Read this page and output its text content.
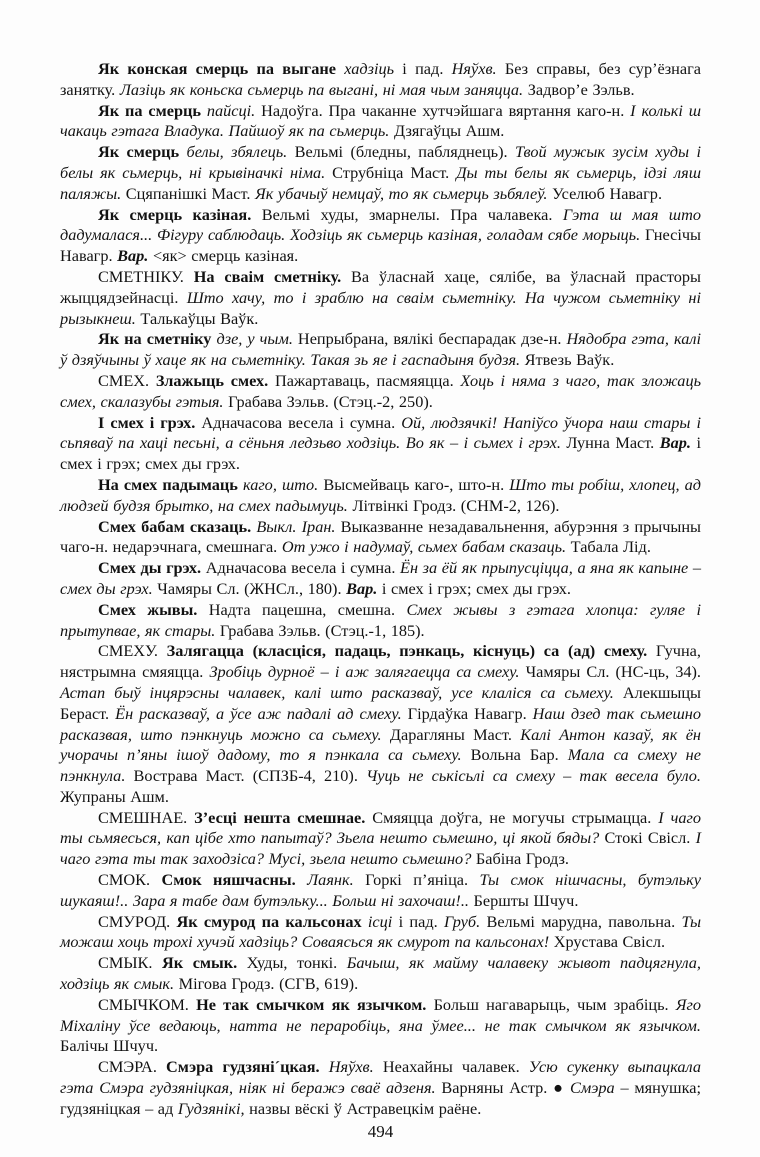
Як конская смерць па выгане хадзіць і пад. Няўхв. Без справы, без сур’ёзнага занятку. Лазіць як коньска сьмерць па выгані, ні мая чым заняцца. Задвор’е Зэльв.

Як па смерць пайсці. Надоўга. Пра чаканне хутчэйшага вяртання каго-н. І колькі ш чакаць гэтага Владука. Пайшоў як па сьмерць. Дзягаўцы Ашм.

Як смерць белы, збялець. Вельмі (бледны, пабляднець). Твой мужык зусім худы і белы як сьмерць, ні крывіначкі німа. Струбніца Маст. Ды ты белы як сьмерць, ідзі ляш паляжы. Сцяпанішкі Маст. Як убачыў немцаў, то як сьмерць зьбялеў. Уселюб Навагр.

Як смерць казіная. Вельмі худы, змарнелы. Пра чалавека. Гэта ш мая што дадумалася... Фігуру саблюдаць. Ходзіць як сьмерць казіная, голадам сябе морыць. Гнесічы Навагр. Вар. <як> смерць казіная.

СМЕТНІКУ. На сваім сметніку. Ва ўласнай хаце, сялібе, ва ўласнай прасторы жыццядзейнасці. Што хачу, то і зраблю на сваім сьметніку. На чужом сьметніку ні рызыкнеш. Талькаўцы Ваўк.

Як на сметніку дзе, у чым. Непрыбрана, вялікі беспарадак дзе-н. Нядобра гэта, калі ў дзяўчыны ў хаце як на сьметніку. Такая зь яе і гаспадыня будзя. Ятвезь Ваўк.

СМЕХ. Злажыць смех. Пажартаваць, пасмяяцца. Хоць і няма з чаго, так зложаць смех, скалазубы гэтыя. Грабава Зэльв. (Стэц.-2, 250).

І смех і грэх. Адначасова весела і сумна. Ой, людзячкі! Напіўсо ўчора наш стары і сьпяваў па хаці песьні, а сёньня ледзьво ходзіць. Во як – і сьмех і грэх. Лунна Маст. Вар. і смех і грэх; смех ды грэх.

На смех падымаць каго, што. Высмейваць каго-, што-н. Што ты робіш, хлопец, ад людзей будзя брытко, на смех падымуць. Літвінкі Гродз. (СНМ-2, 126).

Смех бабам сказаць. Выкл. Іран. Выказванне незадавальнення, абурэння з прычыны чаго-н. недарэчнага, смешнага. От ужо і надумаў, сьмех бабам сказаць. Табала Лід.

Смех ды грэх. Адначасова весела і сумна. Ён за ёй як прыпусціцца, а яна як капыне – смех ды грэх. Чамяры Сл. (ЖНСл., 180). Вар. і смех і грэх; смех ды грэх.

Смех жывы. Надта пацешна, смешна. Смех жывы з гэтага хлопца: гуляе і прытупвае, як стары. Грабава Зэльв. (Стэц.-1, 185).

СМЕХУ. Залягацца (класціся, падаць, пэнкаць, кіснуць) са (ад) смеху. Гучна, нястрымна смяяцца. Зробіць дурноё – і аж залягаецца са смеху. Чамяры Сл. (НС-ць, 34). Астап быў інцярэсны чалавек, калі што расказваў, усе клаліся са сьмеху. Алекшыцы Бераст. Ён расказваў, а ўсе аж падалі ад смеху. Гірдаўка Навагр. Наш дзед так сьмешно расказвая, што пэнкнуць можно са сьмеху. Дарагляны Маст. Калі Антон казаў, як ён учорачы п’яны ішоў дадому, то я пэнкала са сьмеху. Вольна Бар. Мала са смеху не пэнкнула. Вострава Маст. (СПЗБ-4, 210). Чуць не ськісьлі са смеху – так весела було. Жупраны Ашм.

СМЕШНАЕ. З’есці нешта смешнае. Смяяцца доўга, не могучы стрымацца. І чаго ты сьмяесься, кап цібе хто папытаў? Зьела нешто сьмешно, ці якой бяды? Стокі Свісл. І чаго гэта ты так заходзіса? Мусі, зьела нешто сьмешно? Бабіна Гродз.

СМОК. Смок няшчасны. Лаянк. Горкі п’яніца. Ты смок нішчасны, бутэльку шукаяш!.. Зара я табе дам бутэльку... Больш ні захочаш!.. Бершты Шчуч.

СМУРОД. Як смурод па кальсонах ісці і пад. Груб. Вельмі марудна, павольна. Ты можаш хоць трохі хучэй хадзіць? Соваясься як смурот па кальсонах! Хрустава Свісл.

СМЫК. Як смык. Худы, тонкі. Бачыш, як майму чалавеку жывот падцягнула, ходзіць як смык. Мігова Гродз. (СГВ, 619).

СМЫЧКОМ. Не так смычком як язычком. Больш нагаварыць, чым зрабіць. Яго Міхаліну ўсе ведаюць, натта не пераробіць, яна ўмее... не так смычком як язычком. Балічы Шчуч.

СМЭРА. Смэра гудзяні´цкая. Няўхв. Неахайны чалавек. Усю сукенку выпацкала гэта Смэра гудзяніцкая, ніяк ні беражэ сваё адзеня. Варняны Астр. ● Смэра – мянушка; гудзяніцкая – ад Гудзянікі, назвы вёскі ў Астравецкім раёне.

494
